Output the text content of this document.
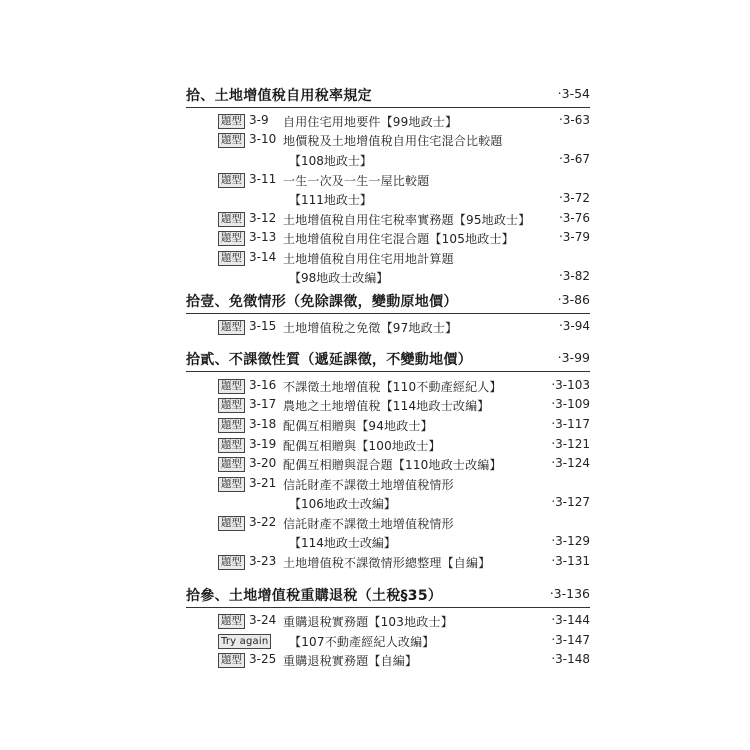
拾、土地增值稅自用稅率規定	‧3-54
題型 3-9 自用住宅用地要件【99地政士】	‧3-63
題型 3-10 地價稅及土地增值稅自用住宅混合比較題
【108地政士】	‧3-67
題型 3-11 一生一次及一生一屋比較題
【111地政士】	‧3-72
題型 3-12 土地增值稅自用住宅稅率實務題【95地政士】 ‧3-76
題型 3-13 土地增值稅自用住宅混合題【105地政士】	‧3-79
題型 3-14 土地增值稅自用住宅用地計算題
【98地政士改編】	‧3-82
拾壹、免徵情形（免除課徵，變動原地價）	‧3-86
題型 3-15 土地增值稅之免徵【97地政士】	‧3-94
拾貳、不課徵性質（遞延課徵，不變動地價）	‧3-99
題型 3-16 不課徵土地增值稅【110不動產經紀人】	‧3-103
題型 3-17 農地之土地增值稅【114地政士改編】	‧3-109
題型 3-18 配偶互相贈與【94地政士】	‧3-117
題型 3-19 配偶互相贈與【100地政士】	‧3-121
題型 3-20 配偶互相贈與混合題【110地政士改編】	‧3-124
題型 3-21 信託財產不課徵土地增值稅情形
【106地政士改編】	‧3-127
題型 3-22 信託財產不課徵土地增值稅情形
【114地政士改編】	‧3-129
題型 3-23 土地增值稅不課徵情形總整理【自編】	‧3-131
拾參、土地增值稅重購退稅（土稅§35）	‧3-136
題型 3-24 重購退稅實務題【103地政士】	‧3-144
Try again	【107不動產經紀人改編】	‧3-147
題型 3-25 重購退稅實務題【自編】	‧3-148
